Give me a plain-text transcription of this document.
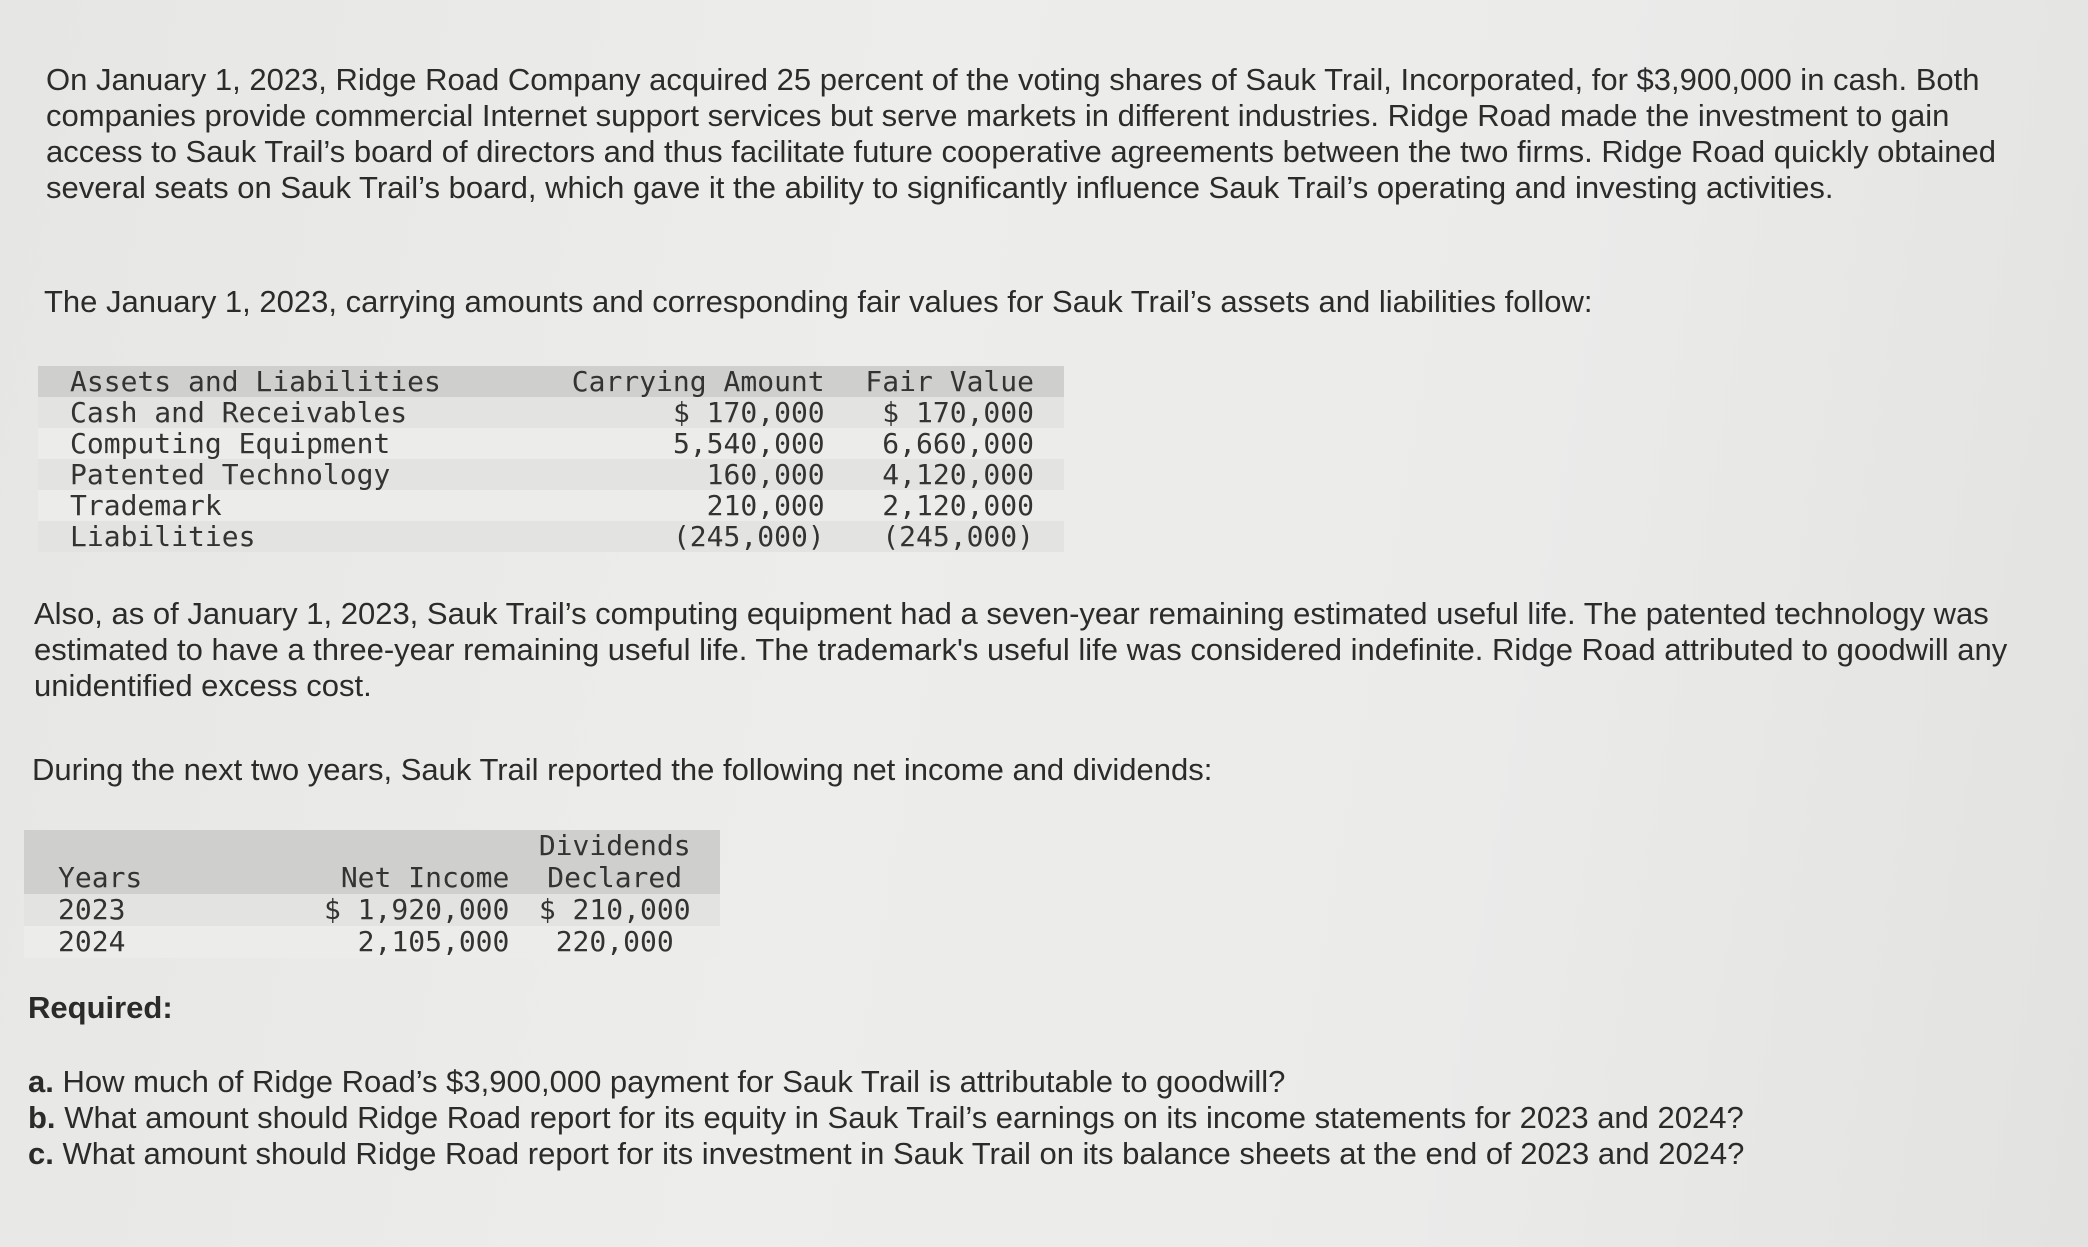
On January 1, 2023, Ridge Road Company acquired 25 percent of the voting shares of Sauk Trail, Incorporated, for $3,900,000 in cash. Both companies provide commercial Internet support services but serve markets in different industries. Ridge Road made the investment to gain access to Sauk Trail’s board of directors and thus facilitate future cooperative agreements between the two firms. Ridge Road quickly obtained several seats on Sauk Trail’s board, which gave it the ability to significantly influence Sauk Trail’s operating and investing activities.

The January 1, 2023, carrying amounts and corresponding fair values for Sauk Trail’s assets and liabilities follow:

Assets and Liabilities	Carrying Amount	Fair Value
Cash and Receivables	$ 170,000	$ 170,000
Computing Equipment	5,540,000	6,660,000
Patented Technology	160,000	4,120,000
Trademark	210,000	2,120,000
Liabilities	(245,000)	(245,000)

Also, as of January 1, 2023, Sauk Trail’s computing equipment had a seven-year remaining estimated useful life. The patented technology was estimated to have a three-year remaining useful life. The trademark's useful life was considered indefinite. Ridge Road attributed to goodwill any unidentified excess cost.

During the next two years, Sauk Trail reported the following net income and dividends:

Years	Net Income	Dividends
		Declared
2023	$ 1,920,000	$ 210,000
2024	2,105,000	220,000

Required:

a. How much of Ridge Road’s $3,900,000 payment for Sauk Trail is attributable to goodwill?
b. What amount should Ridge Road report for its equity in Sauk Trail’s earnings on its income statements for 2023 and 2024?
c. What amount should Ridge Road report for its investment in Sauk Trail on its balance sheets at the end of 2023 and 2024?
